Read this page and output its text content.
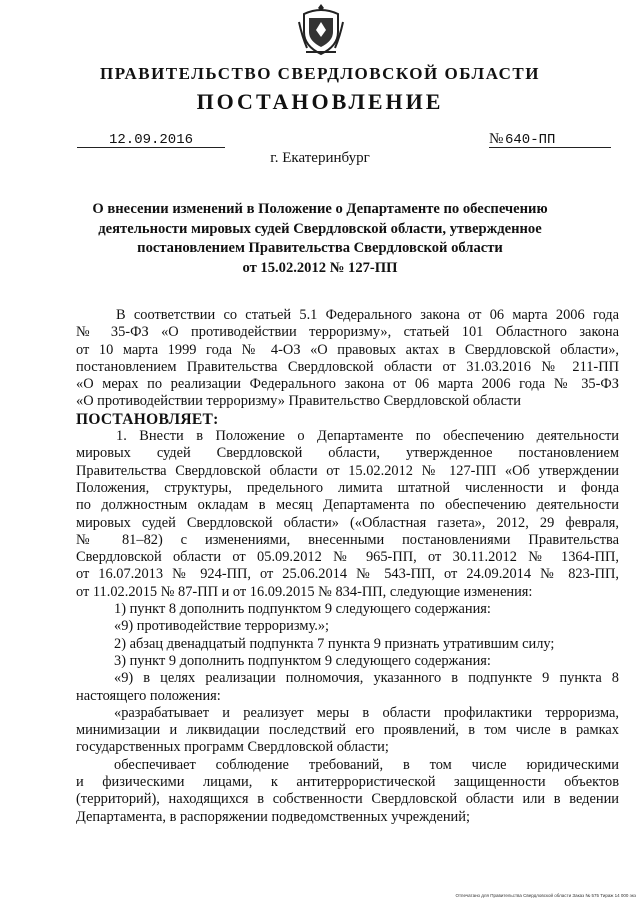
ПРАВИТЕЛЬСТВО СВЕРДЛОВСКОЙ ОБЛАСТИ
ПОСТАНОВЛЕНИЕ
12.09.2016	№ 640-ПП
г. Екатеринбург
О внесении изменений в Положение о Департаменте по обеспечению
деятельности мировых судей Свердловской области, утвержденное
постановлением Правительства Свердловской области
от 15.02.2012 № 127-ПП
В соответствии со статьей 5.1 Федерального закона от 06 марта 2006 года
№ 35-ФЗ «О противодействии терроризму», статьей 101 Областного закона
от 10 марта 1999 года № 4-ОЗ «О правовых актах в Свердловской области»,
постановлением Правительства Свердловской области от 31.03.2016 № 211-ПП
«О мерах по реализации Федерального закона от 06 марта 2006 года № 35-ФЗ
«О противодействии терроризму» Правительство Свердловской области
ПОСТАНОВЛЯЕТ:
1. Внести в Положение о Департаменте по обеспечению деятельности
мировых судей Свердловской области, утвержденное постановлением
Правительства Свердловской области от 15.02.2012 № 127-ПП «Об утверждении
Положения, структуры, предельного лимита штатной численности и фонда
по должностным окладам в месяц Департамента по обеспечению деятельности
мировых судей Свердловской области» («Областная газета», 2012, 29 февраля,
№ 81–82) с изменениями, внесенными постановлениями Правительства
Свердловской области от 05.09.2012 № 965-ПП, от 30.11.2012 № 1364-ПП,
от 16.07.2013 № 924-ПП, от 25.06.2014 № 543-ПП, от 24.09.2014 № 823-ПП,
от 11.02.2015 № 87-ПП и от 16.09.2015 № 834-ПП, следующие изменения:
1) пункт 8 дополнить подпунктом 9 следующего содержания:
«9) противодействие терроризму.»;
2) абзац двенадцатый подпункта 7 пункта 9 признать утратившим силу;
3) пункт 9 дополнить подпунктом 9 следующего содержания:
«9) в целях реализации полномочия, указанного в подпункте 9 пункта 8
настоящего положения:
«разрабатывает и реализует меры в области профилактики терроризма,
минимизации и ликвидации последствий его проявлений, в том числе в рамках
государственных программ Свердловской области;
обеспечивает соблюдение требований, в том числе юридическими
и физическими лицами, к антитеррористической защищенности объектов
(территорий), находящихся в собственности Свердловской области или в ведении
Департамента, в распоряжении подведомственных учреждений;
Отпечатано для Правительства Свердловской области Заказ № 575 Тираж 14 000 экз
